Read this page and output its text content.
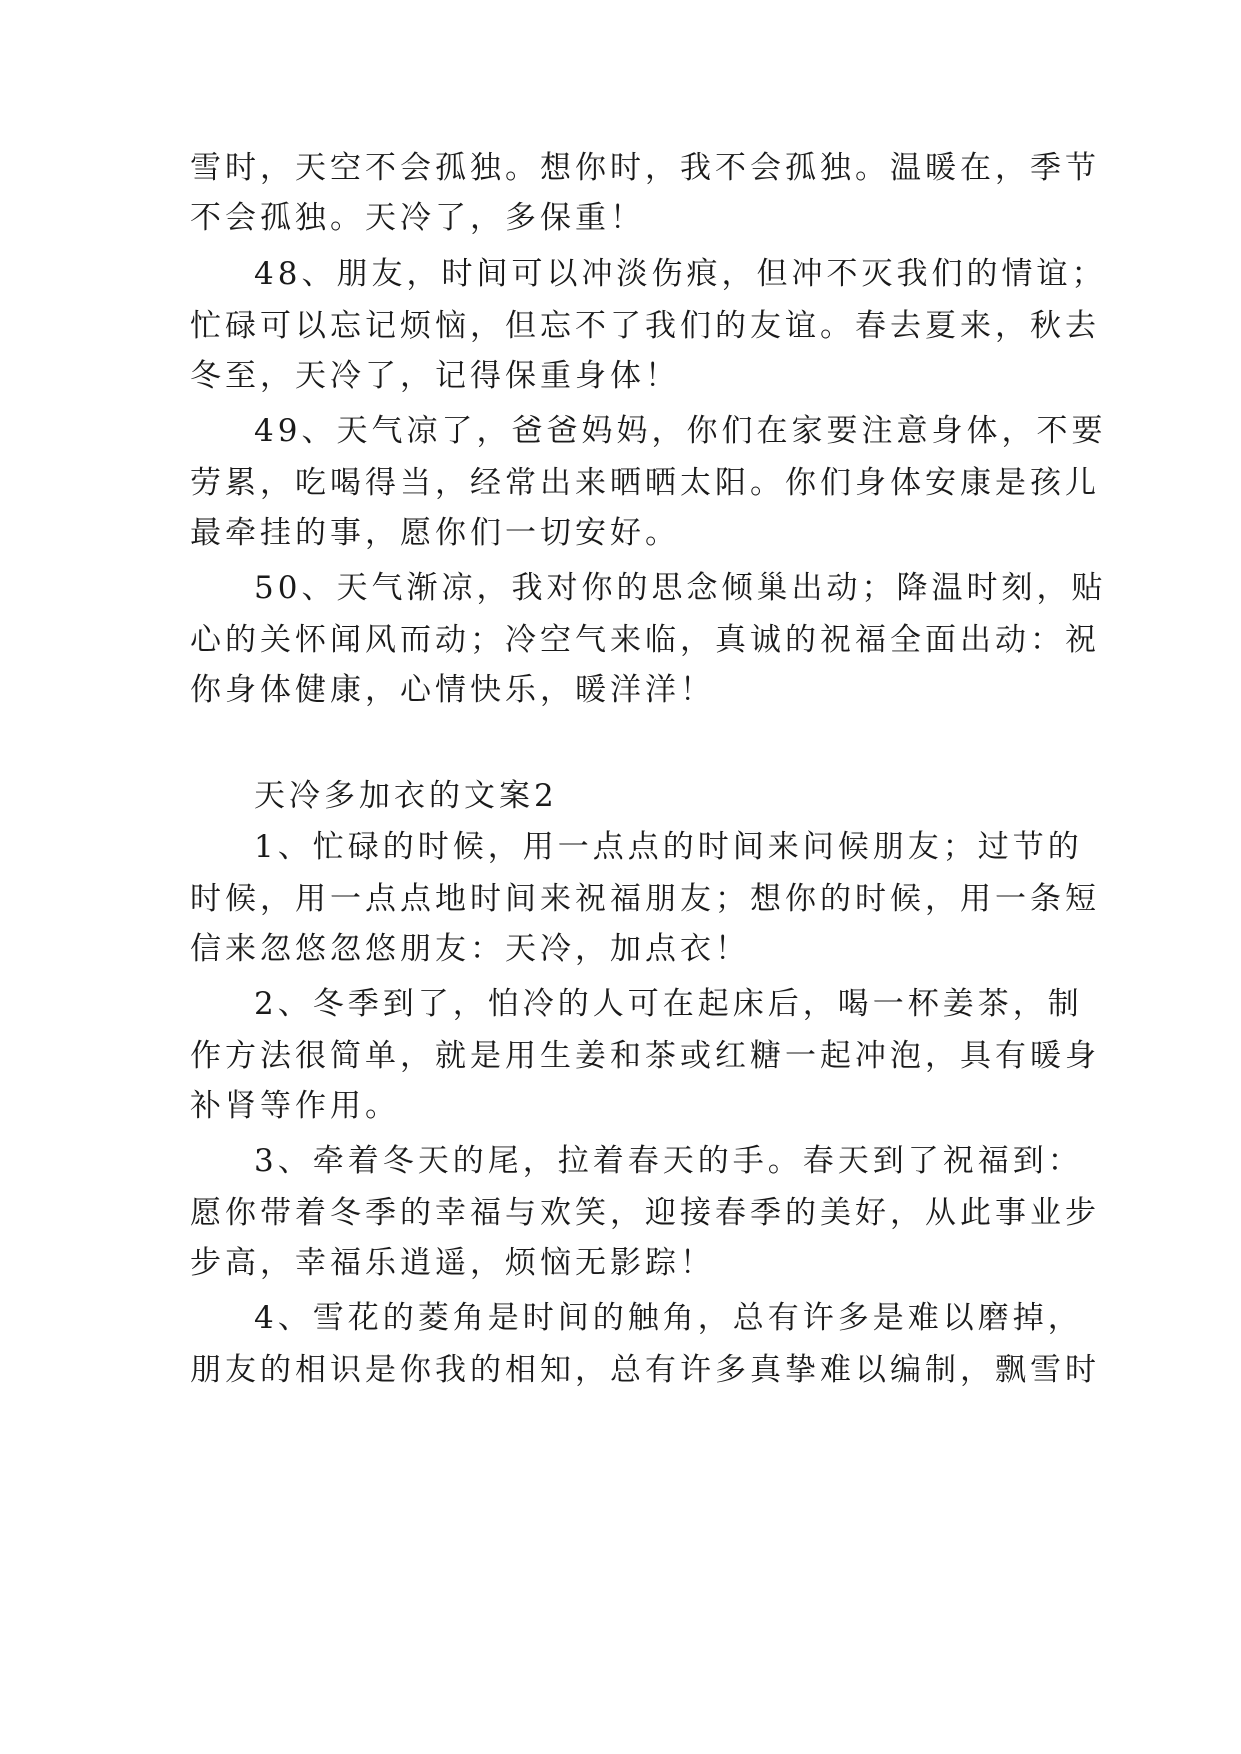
雪时，天空不会孤独。想你时，我不会孤独。温暖在，季节
不会孤独。天冷了，多保重！
48、朋友，时间可以冲淡伤痕，但冲不灭我们的情谊；
忙碌可以忘记烦恼，但忘不了我们的友谊。春去夏来，秋去
冬至，天冷了，记得保重身体！
49、天气凉了，爸爸妈妈，你们在家要注意身体，不要
劳累，吃喝得当，经常出来晒晒太阳。你们身体安康是孩儿
最牵挂的事，愿你们一切安好。
50、天气渐凉，我对你的思念倾巢出动；降温时刻，贴
心的关怀闻风而动；冷空气来临，真诚的祝福全面出动：祝
你身体健康，心情快乐，暖洋洋！
天冷多加衣的文案2
1、忙碌的时候，用一点点的时间来问候朋友；过节的
时候，用一点点地时间来祝福朋友；想你的时候，用一条短
信来忽悠忽悠朋友：天冷，加点衣！
2、冬季到了，怕冷的人可在起床后，喝一杯姜茶，制
作方法很简单，就是用生姜和茶或红糖一起冲泡，具有暖身
补肾等作用。
3、牵着冬天的尾，拉着春天的手。春天到了祝福到：
愿你带着冬季的幸福与欢笑，迎接春季的美好，从此事业步
步高，幸福乐逍遥，烦恼无影踪！
4、雪花的菱角是时间的触角，总有许多是难以磨掉，
朋友的相识是你我的相知，总有许多真挚难以编制，飘雪时
